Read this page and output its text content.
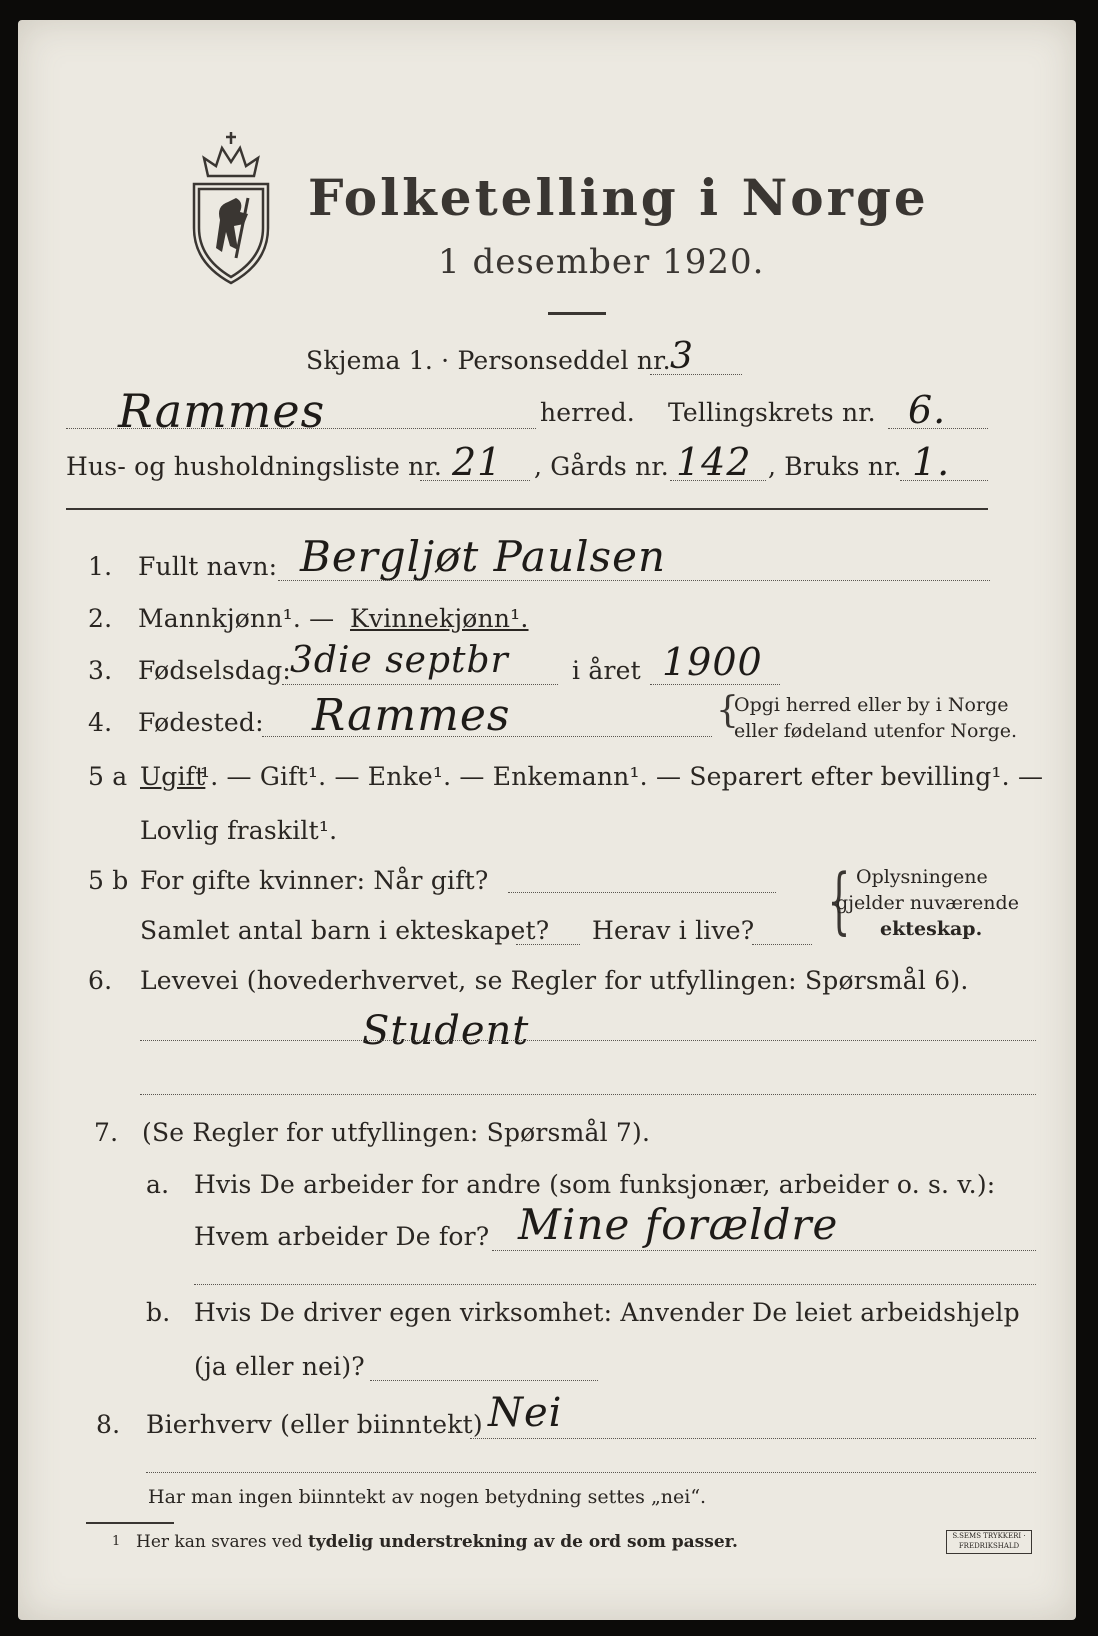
Folketelling i Norge
1 desember 1920.
Skjema 1. · Personseddel nr. 3
Rammes	herred. Tellingskrets nr. 6.
Hus- og husholdningsliste nr. 21 , Gårds nr. 142 , Bruks nr. 1.
1. Fullt navn: Bergljøt Paulsen
2. Mannkjønn¹. — Kvinnekjønn¹.
3. Fødselsdag:
3die septbr	i året 1900
4. Fødested: Rammes	{
Opgi herred eller by i Norge
eller fødeland utenfor Norge.
5 a Ugift
¹. — Gift¹. — Enke¹. — Enkemann¹. — Separert efter bevilling¹. —
Lovlig fraskilt¹.
5 b For gifte kvinner: Når gift?
Samlet antal barn i ekteskapet? Herav i live? { Oplysningene
gjelder nuværende
ekteskap.
6. Levevei (hovederhvervet, se Regler for utfyllingen: Spørsmål 6).
Student
7. (Se Regler for utfyllingen: Spørsmål 7).
a. Hvis De arbeider for andre (som funksjonær, arbeider o. s. v.):
Hvem arbeider De for? Mine forældre
b. Hvis De driver egen virksomhet: Anvender De leiet arbeidshjelp
(ja eller nei)?
8. Bierhverv (eller biinntekt) Nei
Har man ingen biinntekt av nogen betydning settes „nei“.
1 Her kan svares ved tydelig understrekning av de ord som passer.	S.SEMS TRYKKERI · FREDRIKSHALD
